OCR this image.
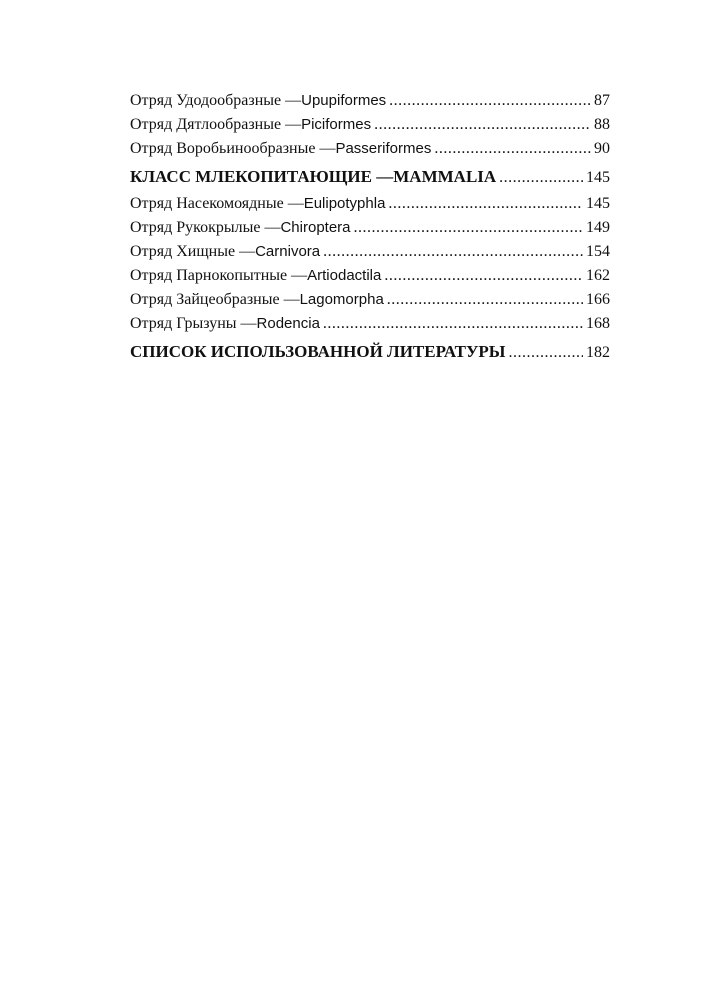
Отряд Удодообразные — Upupiformes .....	87
Отряд Дятлообразные — Piciformes .....	88
Отряд Воробьинообразные — Passeriformes .....	90
КЛАСС МЛЕКОПИТАЮЩИЕ — MAMMALIA .....	145
Отряд Насекомоядные — Eulipotyphla .....	145
Отряд Рукокрылые — Chiroptera .....	149
Отряд Хищные — Carnivora .....	154
Отряд Парнокопытные — Artiodactila .....	162
Отряд Зайцеобразные — Lagomorpha .....	166
Отряд Грызуны — Rodencia .....	168
СПИСОК ИСПОЛЬЗОВАННОЙ ЛИТЕРАТУРЫ .....	182
